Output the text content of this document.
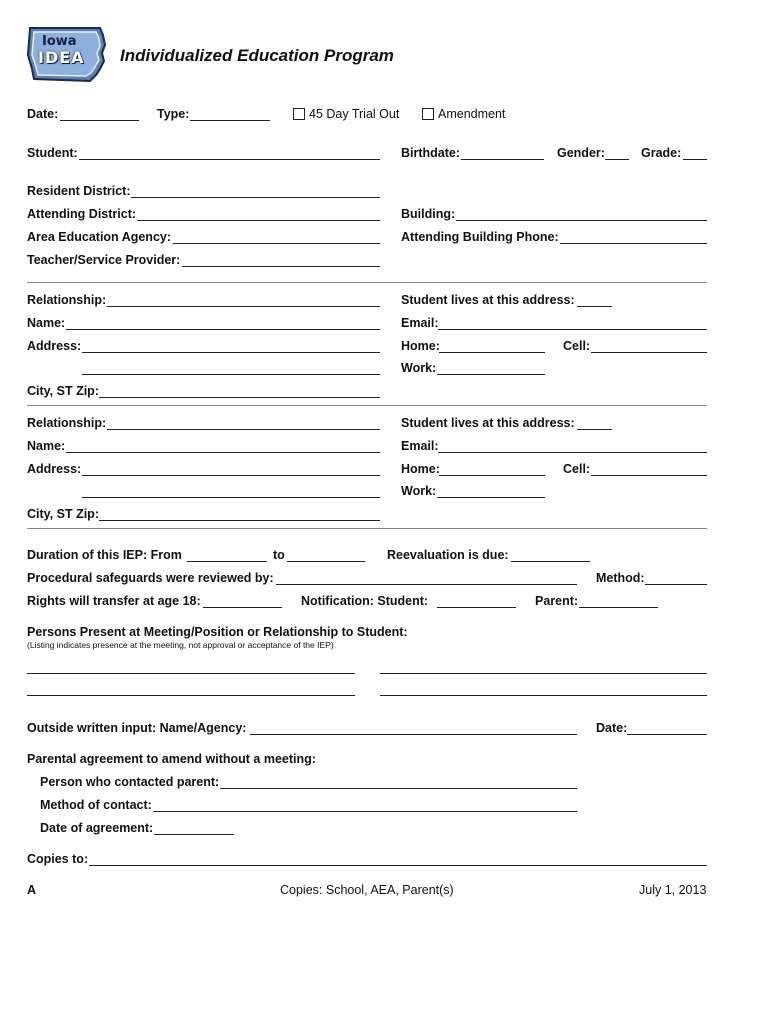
Iowa
IDEA Individualized Education Program
Date:	Type:	45 Day Trial Out	Amendment
Student:	Birthdate:	Gender:	Grade:
Resident District:
Attending District:	Building:
Area Education Agency:	Attending Building Phone:
Teacher/Service Provider:
Relationship:	Student lives at this address:
Name:	Email:
Address:	Home:	Cell:
Work:
City, ST Zip:
Relationship:	Student lives at this address:
Name:	Email:
Address:	Home:	Cell:
Work:
City, ST Zip:
Duration of this IEP: From	to	Reevaluation is due:
Procedural safeguards were reviewed by:	Method:
Rights will transfer at age 18:	Notification: Student:	Parent:
Persons Present at Meeting/Position or Relationship to Student:
(Listing indicates presence at the meeting, not approval or acceptance of the IEP)
Outside written input: Name/Agency:	Date:
Parental agreement to amend without a meeting:
Person who contacted parent:
Method of contact:
Date of agreement:
Copies to:
A	Copies: School, AEA, Parent(s)	July 1, 2013
